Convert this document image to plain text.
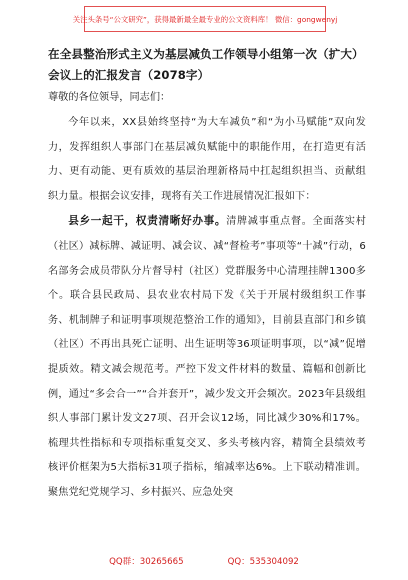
关注头条号“公文研究”，获得最新最全最专业的公文资料库！ 微信：gongwenyj

在全县整治形式主义为基层减负工作领导小组第一次（扩大）会议上的汇报发言（2078字）

尊敬的各位领导，同志们：

今年以来，XX县始终坚持“为大车减负”和“为小马赋能”双向发力，发挥组织人事部门在基层减负赋能中的职能作用，在打造更有活力、更有动能、更有质效的基层治理新格局中扛起组织担当、贡献组织力量。根据会议安排，现将有关工作进展情况汇报如下：

县乡一起干，权责清晰好办事。清牌减事重点督。全面落实村（社区）减标牌、减证明、减会议、减“督检考”事项等“十减”行动，6名部务会成员带队分片督导村（社区）党群服务中心清理挂牌1300多个。联合县民政局、县农业农村局下发《关于开展村级组织工作事务、机制牌子和证明事项规范整治工作的通知》，目前县直部门和乡镇（社区）不再出具死亡证明、出生证明等36项证明事项，以“减”促增提质效。精文减会规范考。严控下发文件材料的数量、篇幅和创新比例，通过“多会合一”“合并套开”，减少发文开会频次。2023年县级组织人事部门累计发文27项、召开会议12场，同比减少30%和17%。梳理共性指标和专项指标重复交叉、多头考核内容，精简全县绩效考核评价框架为5大指标31项子指标，缩减率达6%。上下联动精准训。聚焦党纪党规学习、乡村振兴、应急处突

QQ群：30265665	QQ：535304092
